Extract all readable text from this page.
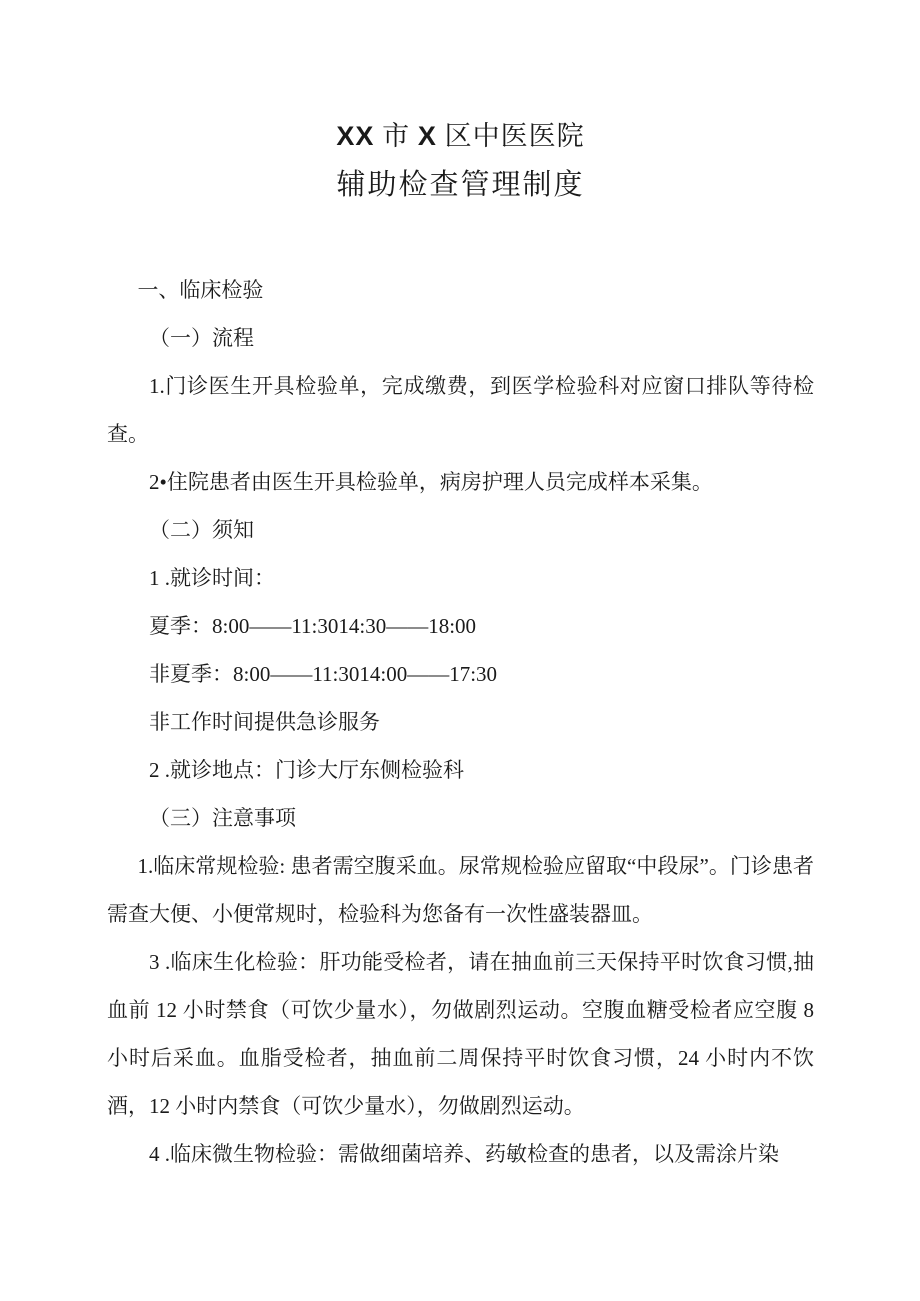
XX 市 X 区中医医院
辅助检查管理制度

一、临床检验

（一）流程

1.门诊医生开具检验单，完成缴费，到医学检验科对应窗口排队等待检查。

2•住院患者由医生开具检验单，病房护理人员完成样本采集。

（二）须知

1 .就诊时间：

夏季：8:00——11:3014:30——18:00

非夏季：8:00——11:3014:00——17:30

非工作时间提供急诊服务

2 .就诊地点：门诊大厅东侧检验科

（三）注意事项

1.临床常规检验: 患者需空腹采血。尿常规检验应留取“中段尿”。门诊患者需查大便、小便常规时，检验科为您备有一次性盛装器皿。

3 .临床生化检验：肝功能受检者，请在抽血前三天保持平时饮食习惯,抽血前 12 小时禁食（可饮少量水），勿做剧烈运动。空腹血糖受检者应空腹 8 小时后采血。血脂受检者，抽血前二周保持平时饮食习惯，24 小时内不饮酒，12 小时内禁食（可饮少量水），勿做剧烈运动。

4 .临床微生物检验：需做细菌培养、药敏检查的患者，以及需涂片染
